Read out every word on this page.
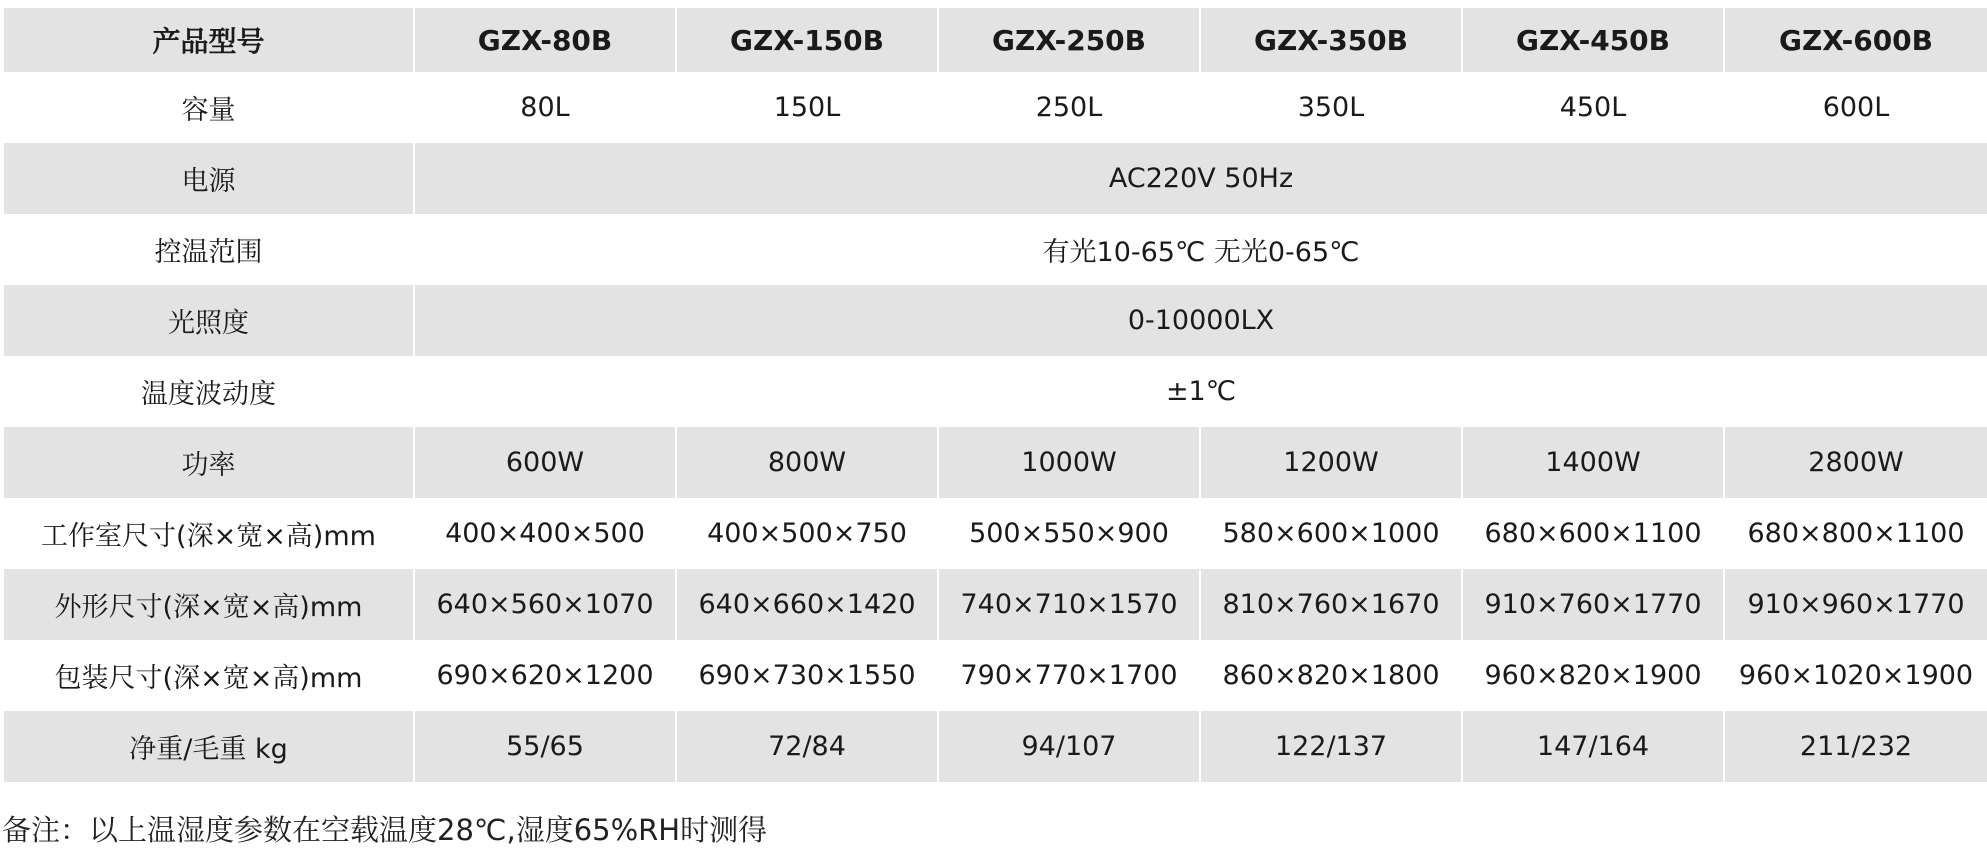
产品型号	GZX-80B	GZX-150B	GZX-250B	GZX-350B	GZX-450B	GZX-600B
容量	80L	150L	250L	350L	450L	600L
电源	AC220V 50Hz					
控温范围	有光10-65℃ 无光0-65℃					
光照度	0-10000LX					
温度波动度	±1℃					
功率	600W	800W	1000W	1200W	1400W	2800W
工作室尺寸(深×宽×高)mm	400×400×500	400×500×750	500×550×900	580×600×1000	680×600×1100	680×800×1100
外形尺寸(深×宽×高)mm	640×560×1070	640×660×1420	740×710×1570	810×760×1670	910×760×1770	910×960×1770
包装尺寸(深×宽×高)mm	690×620×1200	690×730×1550	790×770×1700	860×820×1800	960×820×1900	960×1020×1900
净重/毛重 kg	55/65	72/84	94/107	122/137	147/164	211/232
备注：以上温湿度参数在空载温度28℃,湿度65%RH时测得
